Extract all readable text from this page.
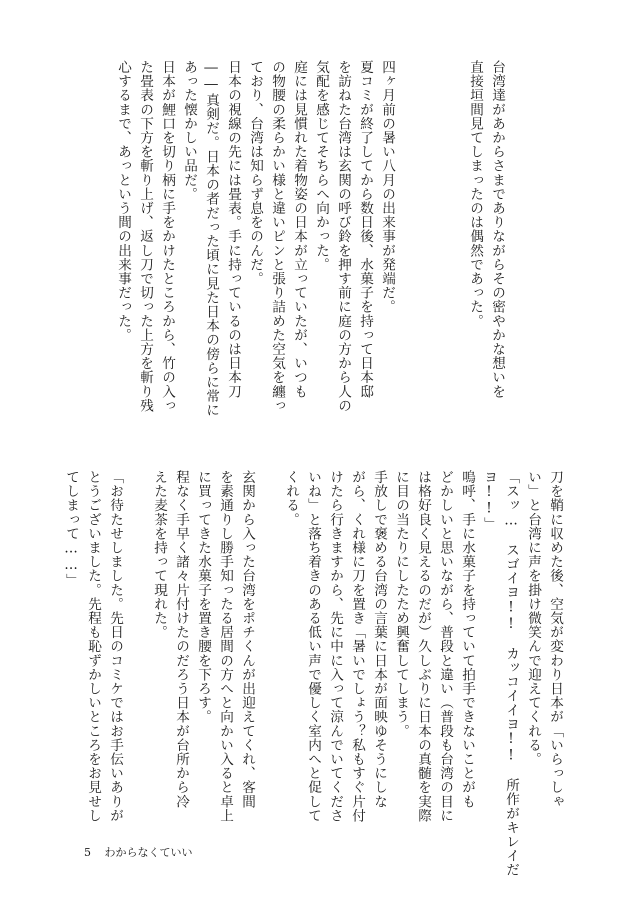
台湾達があからさまでありながらその密やかな想いを
直接垣間見てしまったのは偶然であった。

四ヶ月前の暑い八月の出来事が発端だ。
夏コミが終了してから数日後、水菓子を持って日本邸
を訪ねた台湾は玄関の呼び鈴を押す前に庭の方から人の
気配を感じてそちらへ向かった。
庭には見慣れた着物姿の日本が立っていたが、いつも
の物腰の柔らかい様と違いピンと張り詰めた空気を纏っ
ており、台湾は知らず息をのんだ。
日本の視線の先には畳表。手に持っているのは日本刀
――真剣だ。日本の者だった頃に見た日本の傍らに常に
あった懐かしい品だ。
日本が鯉口を切り柄に手をかけたところから、竹の入っ
た畳表の下方を斬り上げ、返し刀で切った上方を斬り残
心するまで、あっという間の出来事だった。
刀を鞘に収めた後、空気が変わり日本が「いらっしゃ
い」と台湾に声を掛け微笑んで迎えてくれる。
「スッ…　スゴイヨ!!　カッコイイヨ!!　所作がキレイだ
ヨ!!」
嗚呼、手に水菓子を持っていて拍手できないことがも
どかしいと思いながら、普段と違い（普段も台湾の目に
は格好良く見えるのだが）久しぶりに日本の真髄を実際
に目の当たりにしたため興奮してしまう。
手放しで褒める台湾の言葉に日本が面映ゆそうにしな
がら、くれ様に刀を置き「暑いでしょう？私もすぐ片付
けたら行きますから、先に中に入って涼んでいてくださ
いね」と落ち着きのある低い声で優しく室内へと促して
くれる。

玄関から入った台湾をポチくんが出迎えてくれ、客間
を素通りし勝手知ったる居間の方へと向かい入ると卓上
に買ってきた水菓子を置き腰を下ろす。
程なく手早く諸々片付けたのだろう日本が台所から冷
えた麦茶を持って現れた。

「お待たせしました。先日のコミケではお手伝いありが
とうございました。先程も恥ずかしいところをお見せし
てしまって……」
5 わからなくていい
